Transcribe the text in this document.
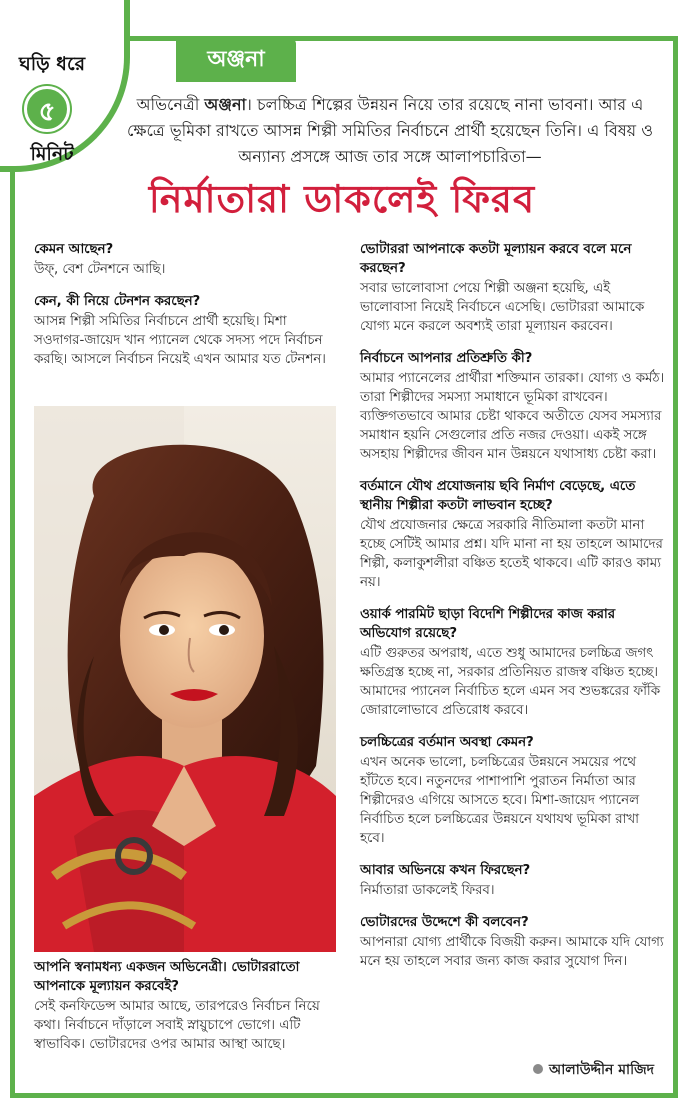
ঘড়ি ধরে
৫
মিনিট
অঞ্জনা
অভিনেত্রী অঞ্জনা। চলচ্চিত্র শিল্পের উন্নয়ন নিয়ে তার রয়েছে নানা ভাবনা। আর এ ক্ষেত্রে ভূমিকা রাখতে আসন্ন শিল্পী সমিতির নির্বাচনে প্রার্থী হয়েছেন তিনি। এ বিষয় ও অন্যান্য প্রসঙ্গে আজ তার সঙ্গে আলাপচারিতা—
নির্মাতারা ডাকলেই ফিরব
কেমন আছেন?
উফ্, বেশ টেনশনে আছি।
কেন, কী নিয়ে টেনশন করছেন?
আসন্ন শিল্পী সমিতির নির্বাচনে প্রার্থী হয়েছি। মিশা সওদাগর-জায়েদ খান প্যানেল থেকে সদস্য পদে নির্বাচন করছি। আসলে নির্বাচন নিয়েই এখন আমার যত টেনশন।
আপনি স্বনামধন্য একজন অভিনেত্রী। ভোটাররাতো আপনাকে মূল্যায়ন করবেই?
সেই কনফিডেন্স আমার আছে, তারপরেও নির্বাচন নিয়ে কথা। নির্বাচনে দাঁড়ালে সবাই স্নায়ুচাপে ভোগে। এটি স্বাভাবিক। ভোটারদের ওপর আমার আস্থা আছে।
ভোটাররা আপনাকে কতটা মূল্যায়ন করবে বলে মনে করছেন?
সবার ভালোবাসা পেয়ে শিল্পী অঞ্জনা হয়েছি, এই ভালোবাসা নিয়েই নির্বাচনে এসেছি। ভোটাররা আমাকে যোগ্য মনে করলে অবশ্যই তারা মূল্যায়ন করবেন।
নির্বাচনে আপনার প্রতিশ্রুতি কী?
আমার প্যানেলের প্রার্থীরা শক্তিমান তারকা। যোগ্য ও কর্মঠ। তারা শিল্পীদের সমস্যা সমাধানে ভূমিকা রাখবেন। ব্যক্তিগতভাবে আমার চেষ্টা থাকবে অতীতে যেসব সমস্যার সমাধান হয়নি সেগুলোর প্রতি নজর দেওয়া। একই সঙ্গে অসহায় শিল্পীদের জীবন মান উন্নয়নে যথাসাধ্য চেষ্টা করা।
বর্তমানে যৌথ প্রযোজনায় ছবি নির্মাণ বেড়েছে, এতে স্থানীয় শিল্পীরা কতটা লাভবান হচ্ছে?
যৌথ প্রযোজনার ক্ষেত্রে সরকারি নীতিমালা কতটা মানা হচ্ছে সেটিই আমার প্রশ্ন। যদি মানা না হয় তাহলে আমাদের শিল্পী, কলাকুশলীরা বঞ্চিত হতেই থাকবে। এটি কারও কাম্য নয়।
ওয়ার্ক পারমিট ছাড়া বিদেশি শিল্পীদের কাজ করার অভিযোগ রয়েছে?
এটি গুরুতর অপরাধ, এতে শুধু আমাদের চলচ্চিত্র জগৎ ক্ষতিগ্রস্ত হচ্ছে না, সরকার প্রতিনিয়ত রাজস্ব বঞ্চিত হচ্ছে। আমাদের প্যানেল নির্বাচিত হলে এমন সব শুভঙ্করের ফাঁকি জোরালোভাবে প্রতিরোধ করবে।
চলচ্চিত্রের বর্তমান অবস্থা কেমন?
এখন অনেক ভালো, চলচ্চিত্রের উন্নয়নে সময়ের পথে হাঁটতে হবে। নতুনদের পাশাপাশি পুরাতন নির্মাতা আর শিল্পীদেরও এগিয়ে আসতে হবে। মিশা-জায়েদ প্যানেল নির্বাচিত হলে চলচ্চিত্রের উন্নয়নে যথাযথ ভূমিকা রাখা হবে।
আবার অভিনয়ে কখন ফিরছেন?
নির্মাতারা ডাকলেই ফিরব।
ভোটারদের উদ্দেশে কী বলবেন?
আপনারা যোগ্য প্রার্থীকে বিজয়ী করুন। আমাকে যদি যোগ্য মনে হয় তাহলে সবার জন্য কাজ করার সুযোগ দিন।
আলাউদ্দীন মাজিদ
